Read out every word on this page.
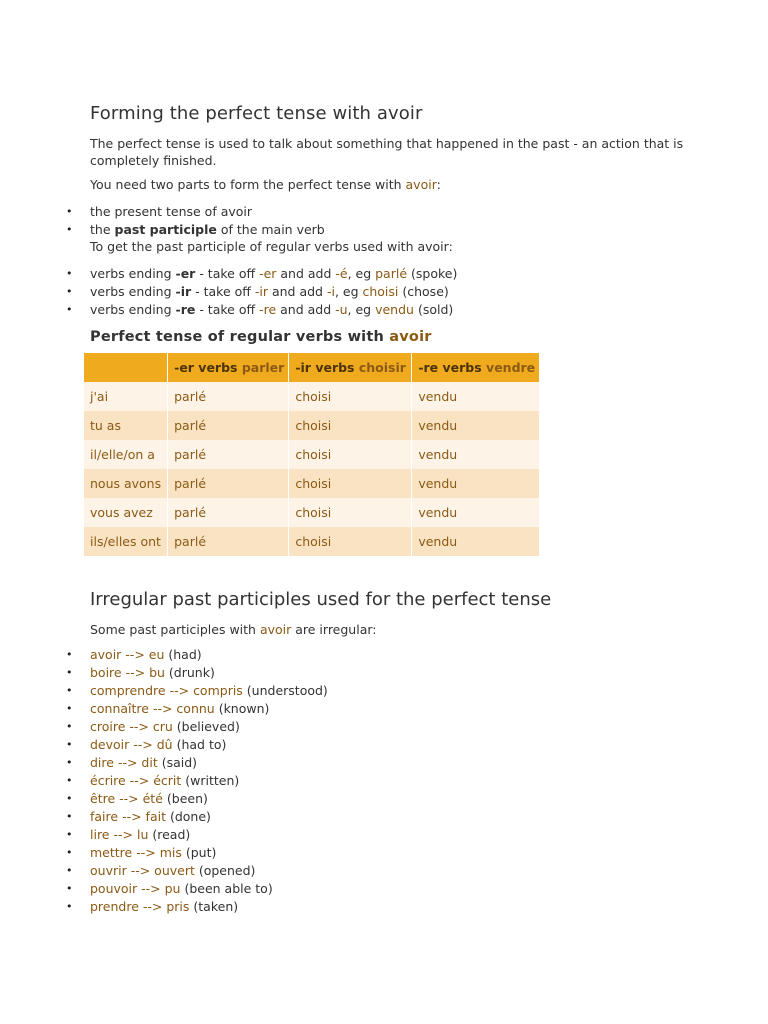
Forming the perfect tense with avoir

The perfect tense is used to talk about something that happened in the past - an action that is completely finished.

You need two parts to form the perfect tense with avoir:

• the present tense of avoir
• the past participle of the main verb

To get the past participle of regular verbs used with avoir:

• verbs ending -er - take off -er and add -é, eg parlé (spoke)
• verbs ending -ir - take off -ir and add -i, eg choisi (chose)
• verbs ending -re - take off -re and add -u, eg vendu (sold)
Perfect tense of regular verbs with avoir
	-er verbs parler	-ir verbs choisir	-re verbs vendre
j'ai	parlé	choisi	vendu
tu as	parlé	choisi	vendu
il/elle/on a	parlé	choisi	vendu
nous avons	parlé	choisi	vendu
vous avez	parlé	choisi	vendu
ils/elles ont	parlé	choisi	vendu
Irregular past participles used for the perfect tense

Some past participles with avoir are irregular:

• avoir --> eu (had)
• boire --> bu (drunk)
• comprendre --> compris (understood)
• connaître --> connu (known)
• croire --> cru (believed)
• devoir --> dû (had to)
• dire --> dit (said)
• écrire --> écrit (written)
• être --> été (been)
• faire --> fait (done)
• lire --> lu (read)
• mettre --> mis (put)
• ouvrir --> ouvert (opened)
• pouvoir --> pu (been able to)
• prendre --> pris (taken)
